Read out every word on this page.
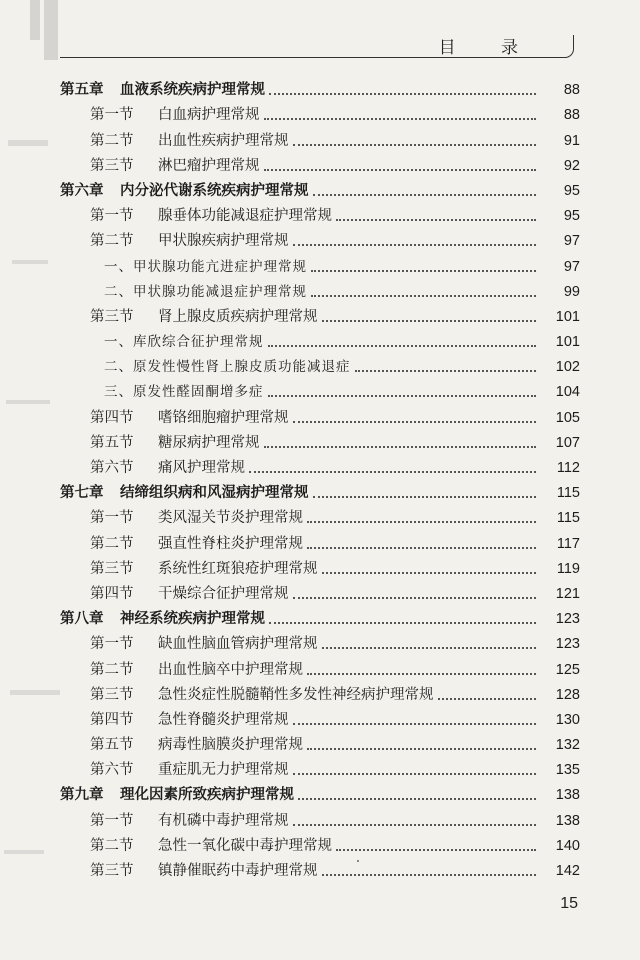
目 录
第五章	血液系统疾病护理常规	88
第一节	白血病护理常规	88
第二节	出血性疾病护理常规	91
第三节	淋巴瘤护理常规	92
第六章	内分泌代谢系统疾病护理常规	95
第一节	腺垂体功能减退症护理常规	95
第二节	甲状腺疾病护理常规	97
一、甲状腺功能亢进症护理常规	97
二、甲状腺功能减退症护理常规	99
第三节	肾上腺皮质疾病护理常规	101
一、库欣综合征护理常规	101
二、原发性慢性肾上腺皮质功能减退症	102
三、原发性醛固酮增多症	104
第四节	嗜铬细胞瘤护理常规	105
第五节	糖尿病护理常规	107
第六节	痛风护理常规	112
第七章	结缔组织病和风湿病护理常规	115
第一节	类风湿关节炎护理常规	115
第二节	强直性脊柱炎护理常规	117
第三节	系统性红斑狼疮护理常规	119
第四节	干燥综合征护理常规	121
第八章	神经系统疾病护理常规	123
第一节	缺血性脑血管病护理常规	123
第二节	出血性脑卒中护理常规	125
第三节	急性炎症性脱髓鞘性多发性神经病护理常规	128
第四节	急性脊髓炎护理常规	130
第五节	病毒性脑膜炎护理常规	132
第六节	重症肌无力护理常规	135
第九章	理化因素所致疾病护理常规	138
第一节	有机磷中毒护理常规	138
第二节	急性一氧化碳中毒护理常规	140
第三节	镇静催眠药中毒护理常规	142
15
